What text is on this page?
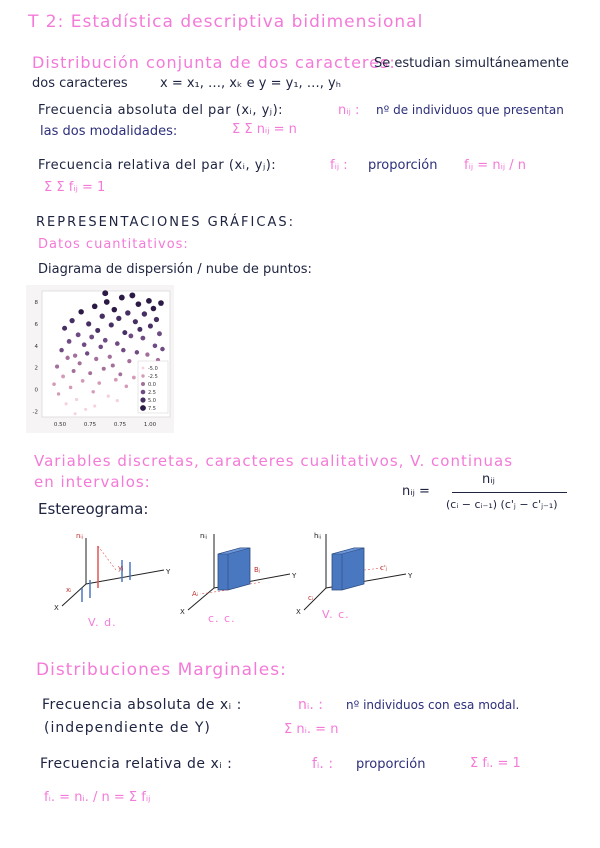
T 2: Estadística descriptiva bidimensional
Distribución conjunta de dos caracteres:
Se estudian simultáneamente
dos caracteres x = x₁, …, xₖ e y = y₁, …, yₕ
Frecuencia absoluta del par (xᵢ, yⱼ):	nᵢⱼ : nº de individuos que presentan
las dos modalidades:	Σ Σ nᵢⱼ = n
Frecuencia relativa del par (xᵢ, yⱼ):	fᵢⱼ : proporción fᵢⱼ = nᵢⱼ / n
Σ Σ fᵢⱼ = 1
REPRESENTACIONES GRÁFICAS:
Datos cuantitativos:
Diagrama de dispersión / nube de puntos:
8
6
4
2
0
-2
0.50	0.75	0.75	1.00
-5.0
-2.5
0.0
2.5
5.0
7.5
Variables discretas, caracteres cualitativos, V. continuas
en intervalos:
nᵢⱼ =
nᵢⱼ
(cᵢ − cᵢ₋₁) (c'ⱼ − c'ⱼ₋₁)
Estereograma:
nᵢⱼ
Y
X
xᵢ
yⱼ
V. d.
nᵢⱼ
Y
X
Aᵢ
Bⱼ
c. c.
hᵢⱼ
Y
X
cᵢ
c'ⱼ
V. c.
Distribuciones Marginales:
Frecuencia absoluta de xᵢ :	nᵢ. : nº individuos con esa modal.
(independiente de Y)	Σ nᵢ. = n
Frecuencia relativa de xᵢ :	fᵢ. : proporción	Σ fᵢ. = 1
fᵢ. = nᵢ. / n = Σ fᵢⱼ
